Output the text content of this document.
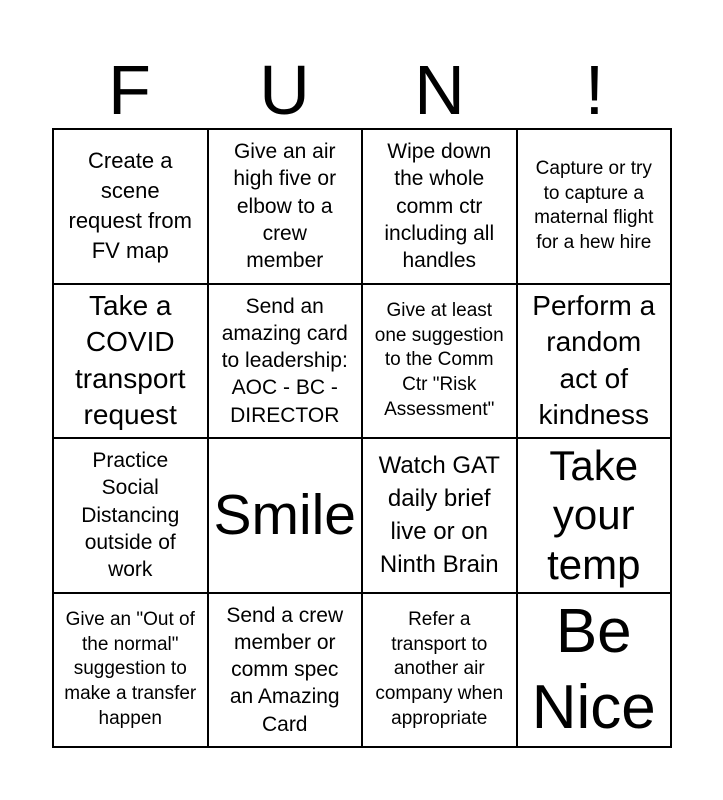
F	U	N	!
Create a
scene
request from
FV map
Give an air
high five or
elbow to a
crew
member
Wipe down
the whole
comm ctr
including all
handles
Capture or try
to capture a
maternal flight
for a hew hire
Take a
COVID
transport
request
Send an
amazing card
to leadership:
AOC - BC -
DIRECTOR
Give at least
one suggestion
to the Comm
Ctr "Risk
Assessment"
Perform a
random
act of
kindness
Practice
Social
Distancing
outside of
work
Smile
Watch GAT
daily brief
live or on
Ninth Brain
Take
your
temp
Give an "Out of
the normal"
suggestion to
make a transfer
happen
Send a crew
member or
comm spec
an Amazing
Card
Refer a
transport to
another air
company when
appropriate
Be
Nice
